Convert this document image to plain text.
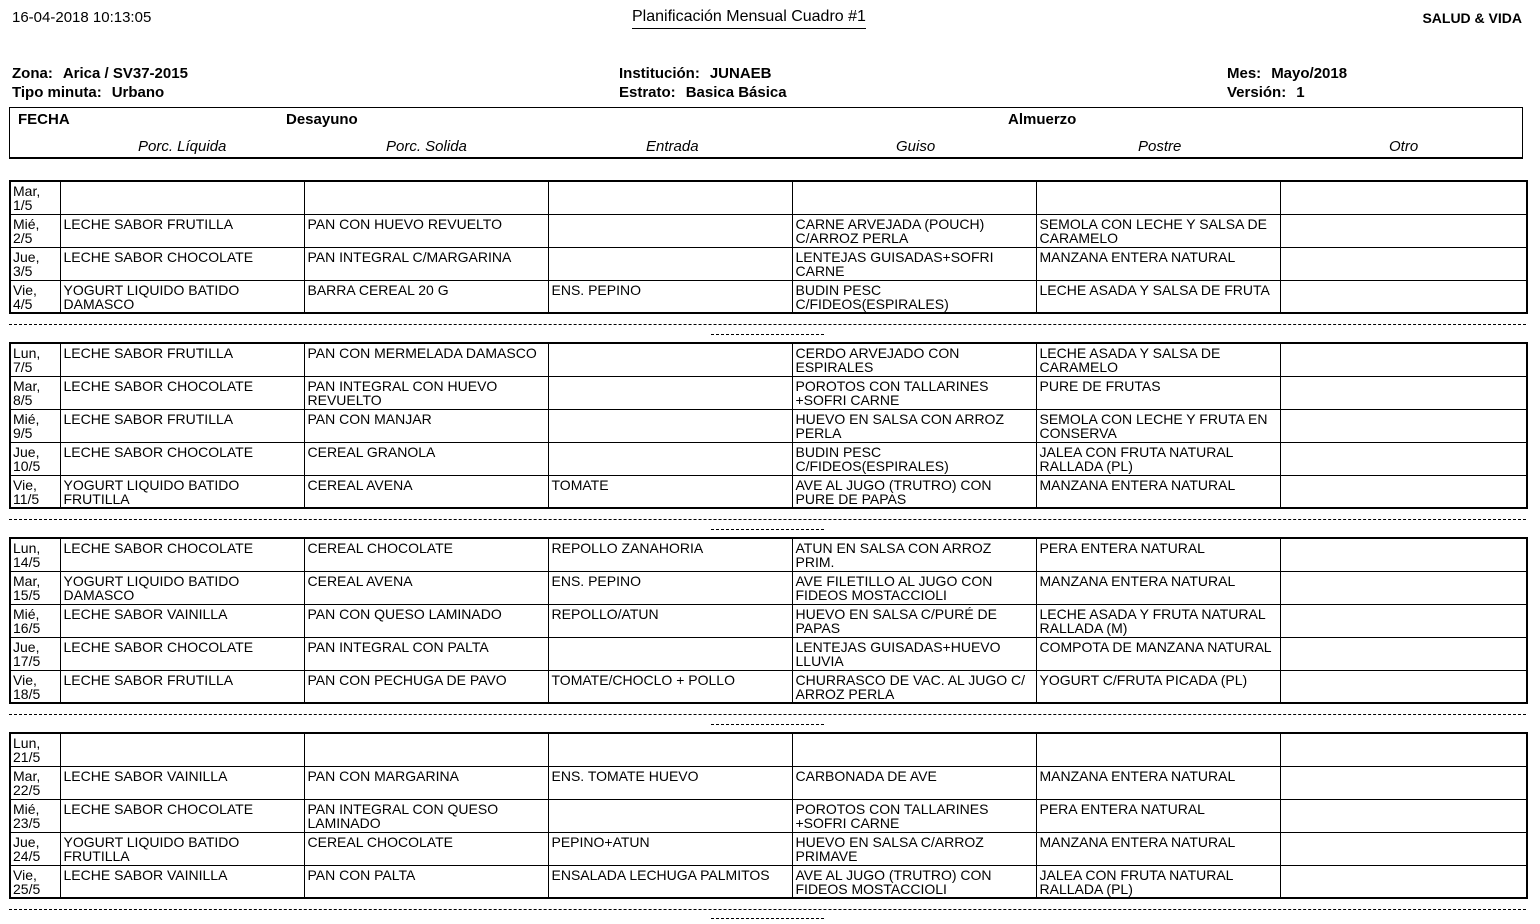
16-04-2018 10:13:05	Planificación Mensual Cuadro #1	SALUD & VIDA
Zona: Arica / SV37-2015
Tipo minuta: Urbano
Institución: JUNAEB
Estrato: Basica Básica
Mes: Mayo/2018
Versión: 1
FECHA	Desayuno	Almuerzo
Porc. Líquida	Porc. Solida	Entrada	Guiso	Postre	Otro
Mar, 1/5						
Mié, 2/5	LECHE SABOR FRUTILLA	PAN CON HUEVO REVUELTO		CARNE ARVEJADA (POUCH) C/ARROZ PERLA	SEMOLA CON LECHE Y SALSA DE CARAMELO	
Jue, 3/5	LECHE SABOR CHOCOLATE	PAN INTEGRAL C/MARGARINA		LENTEJAS GUISADAS+SOFRI CARNE	MANZANA ENTERA NATURAL	
Vie, 4/5	YOGURT LIQUIDO BATIDO DAMASCO	BARRA CEREAL 20 G	ENS. PEPINO	BUDIN PESC C/FIDEOS(ESPIRALES)	LECHE ASADA Y SALSA DE FRUTA	
Lun, 7/5	LECHE SABOR FRUTILLA	PAN CON MERMELADA DAMASCO		CERDO ARVEJADO CON ESPIRALES	LECHE ASADA Y SALSA DE CARAMELO	
Mar, 8/5	LECHE SABOR CHOCOLATE	PAN INTEGRAL CON HUEVO REVUELTO		POROTOS CON TALLARINES +SOFRI CARNE	PURE DE FRUTAS	
Mié, 9/5	LECHE SABOR FRUTILLA	PAN CON MANJAR		HUEVO EN SALSA CON ARROZ PERLA	SEMOLA CON LECHE Y FRUTA EN CONSERVA	
Jue, 10/5	LECHE SABOR CHOCOLATE	CEREAL GRANOLA		BUDIN PESC C/FIDEOS(ESPIRALES)	JALEA CON FRUTA NATURAL RALLADA (PL)	
Vie, 11/5	YOGURT LIQUIDO BATIDO FRUTILLA	CEREAL AVENA	TOMATE	AVE AL JUGO (TRUTRO) CON PURE DE PAPAS	MANZANA ENTERA NATURAL	
Lun, 14/5	LECHE SABOR CHOCOLATE	CEREAL CHOCOLATE	REPOLLO ZANAHORIA	ATUN EN SALSA CON ARROZ PRIM.	PERA ENTERA NATURAL	
Mar, 15/5	YOGURT LIQUIDO BATIDO DAMASCO	CEREAL AVENA	ENS. PEPINO	AVE FILETILLO AL JUGO CON FIDEOS MOSTACCIOLI	MANZANA ENTERA NATURAL	
Mié, 16/5	LECHE SABOR VAINILLA	PAN CON QUESO LAMINADO	REPOLLO/ATUN	HUEVO EN SALSA C/PURÉ DE PAPAS	LECHE ASADA Y FRUTA NATURAL RALLADA (M)	
Jue, 17/5	LECHE SABOR CHOCOLATE	PAN INTEGRAL CON PALTA		LENTEJAS GUISADAS+HUEVO LLUVIA	COMPOTA DE MANZANA NATURAL	
Vie, 18/5	LECHE SABOR FRUTILLA	PAN CON PECHUGA DE PAVO	TOMATE/CHOCLO + POLLO	CHURRASCO DE VAC. AL JUGO C/ ARROZ PERLA	YOGURT C/FRUTA PICADA (PL)	
Lun, 21/5						
Mar, 22/5	LECHE SABOR VAINILLA	PAN CON MARGARINA	ENS. TOMATE HUEVO	CARBONADA DE AVE	MANZANA ENTERA NATURAL	
Mié, 23/5	LECHE SABOR CHOCOLATE	PAN INTEGRAL CON QUESO LAMINADO		POROTOS CON TALLARINES +SOFRI CARNE	PERA ENTERA NATURAL	
Jue, 24/5	YOGURT LIQUIDO BATIDO FRUTILLA	CEREAL CHOCOLATE	PEPINO+ATUN	HUEVO EN SALSA C/ARROZ PRIMAVE	MANZANA ENTERA NATURAL	
Vie, 25/5	LECHE SABOR VAINILLA	PAN CON PALTA	ENSALADA LECHUGA PALMITOS	AVE AL JUGO (TRUTRO) CON FIDEOS MOSTACCIOLI	JALEA CON FRUTA NATURAL RALLADA (PL)	
